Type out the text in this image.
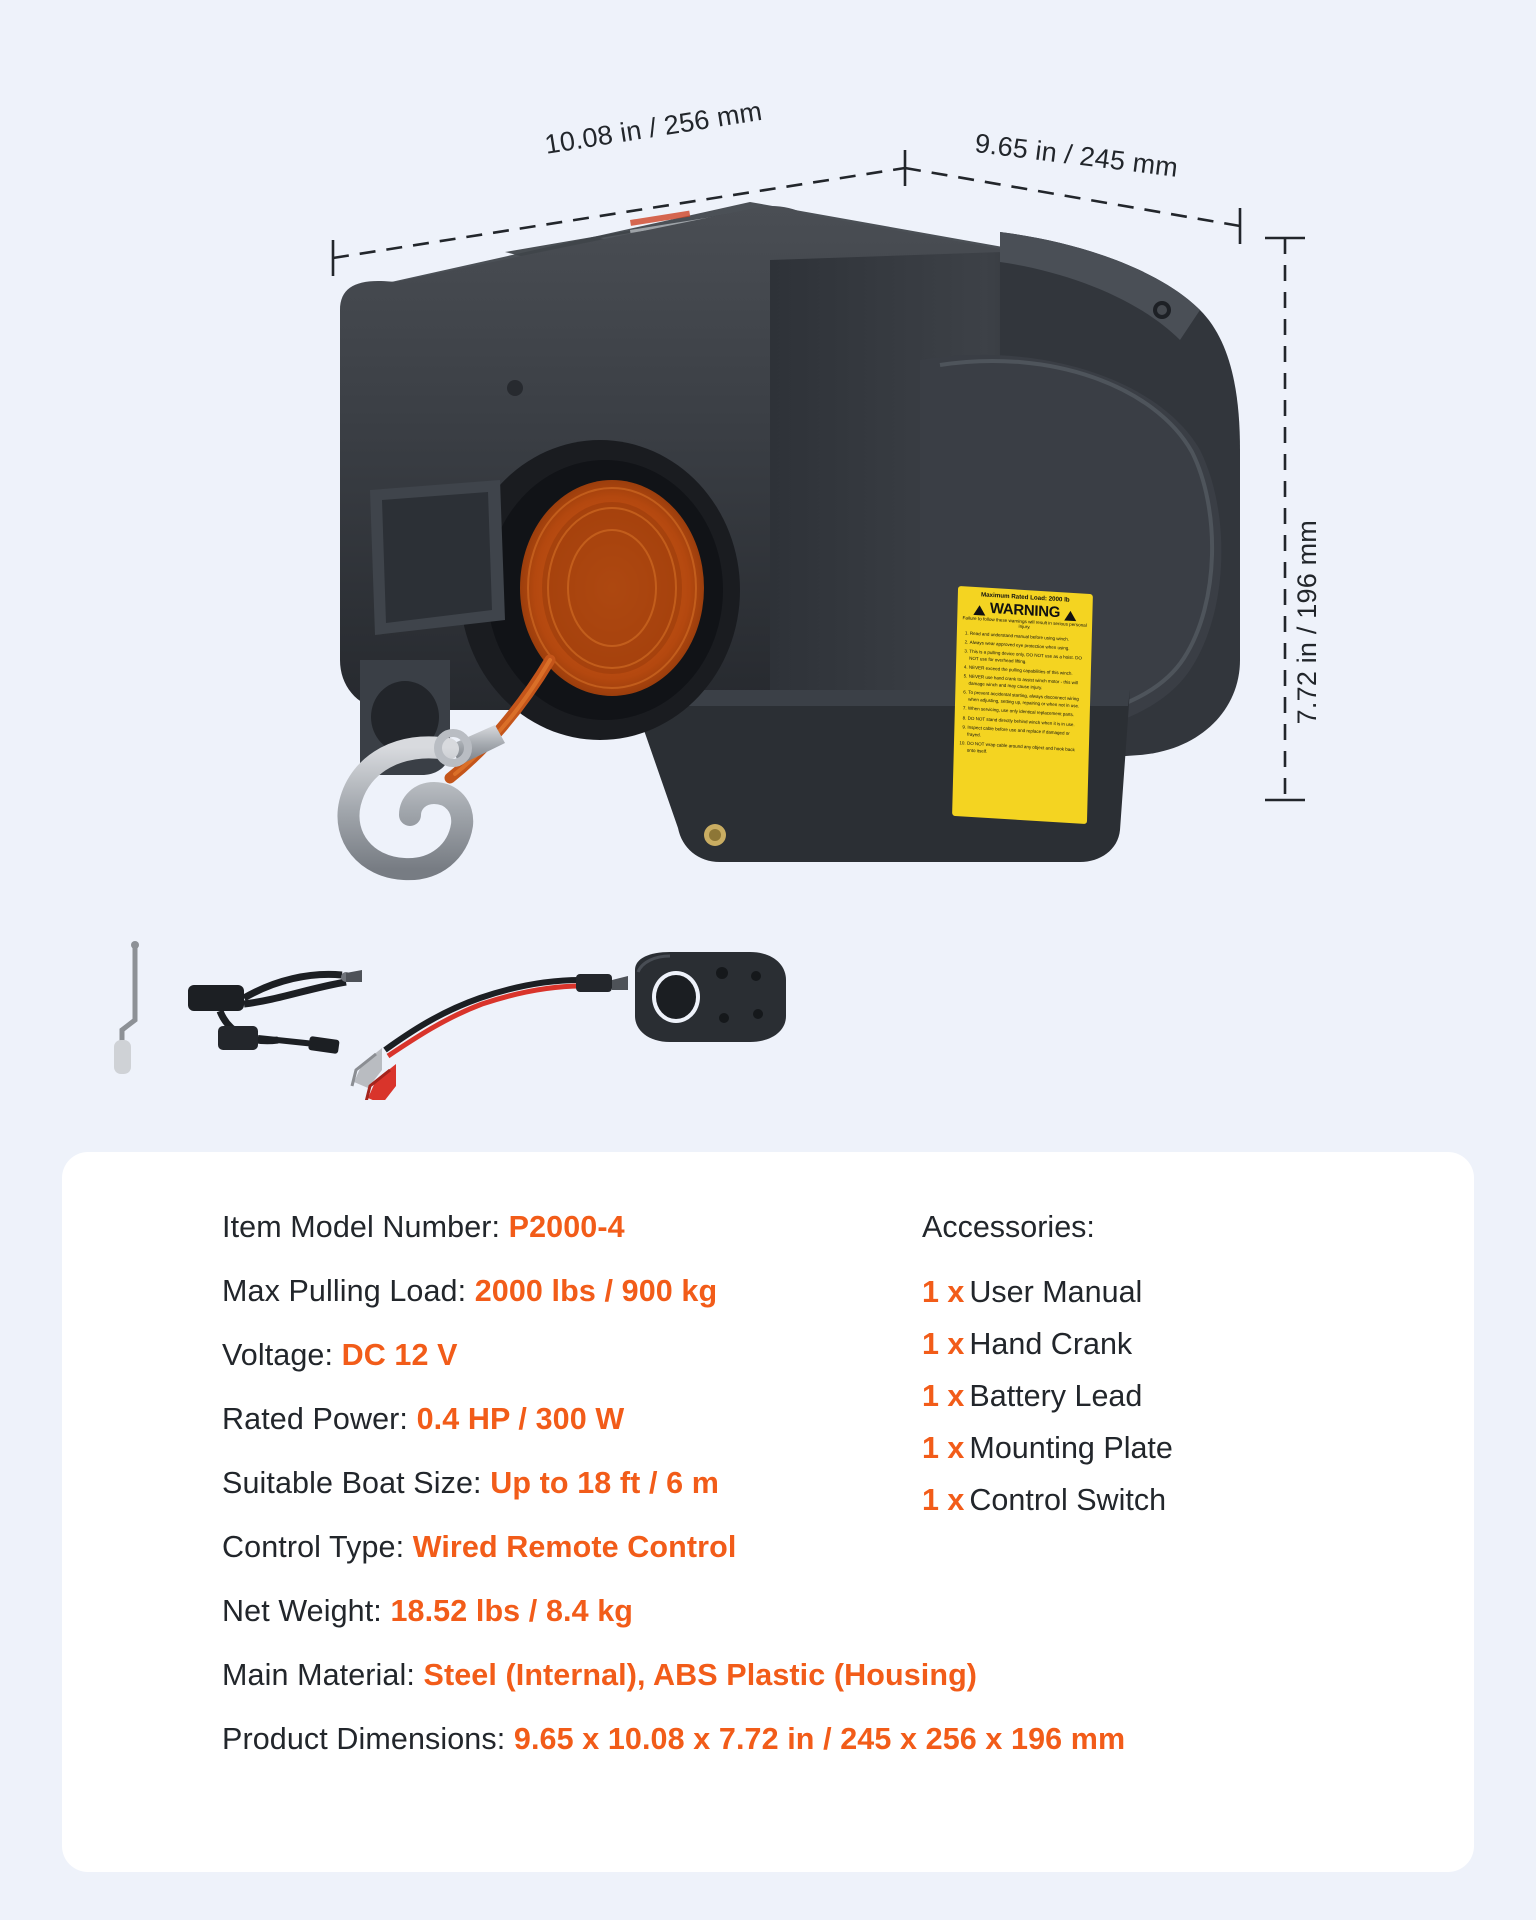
10.08 in / 256 mm	9.65 in / 245 mm
7.72 in / 196 mm
Maximum Rated Load: 2000 lb
WARNING
Failure to follow these warnings will result in serious personal injury.
1. Read and understand manual before using winch.
2. Always wear approved eye protection when using.
3. This is a pulling device only, DO NOT use as a hoist. DO NOT use for overhead lifting.
4. NEVER exceed the pulling capabilities of this winch.
5. NEVER use hand crank to assist winch motor - this will damage winch and may cause injury.
6. To prevent accidental starting, always disconnect wiring when adjusting, setting up, repairing or when not in use.
7. When servicing, use only identical replacement parts.
8. DO NOT stand directly behind winch when it is in use.
9. Inspect cable before use and replace if damaged or frayed.
10. DO NOT wrap cable around any object and hook back onto itself.
Item Model Number: P2000-4
Max Pulling Load: 2000 lbs / 900 kg
Voltage: DC 12 V
Rated Power: 0.4 HP / 300 W
Suitable Boat Size: Up to 18 ft / 6 m
Control Type: Wired Remote Control
Net Weight: 18.52 lbs / 8.4 kg
Main Material: Steel (Internal), ABS Plastic (Housing)
Product Dimensions: 9.65 x 10.08 x 7.72 in / 245 x 256 x 196 mm
Accessories:
1 x User Manual
1 x Hand Crank
1 x Battery Lead
1 x Mounting Plate
1 x Control Switch
